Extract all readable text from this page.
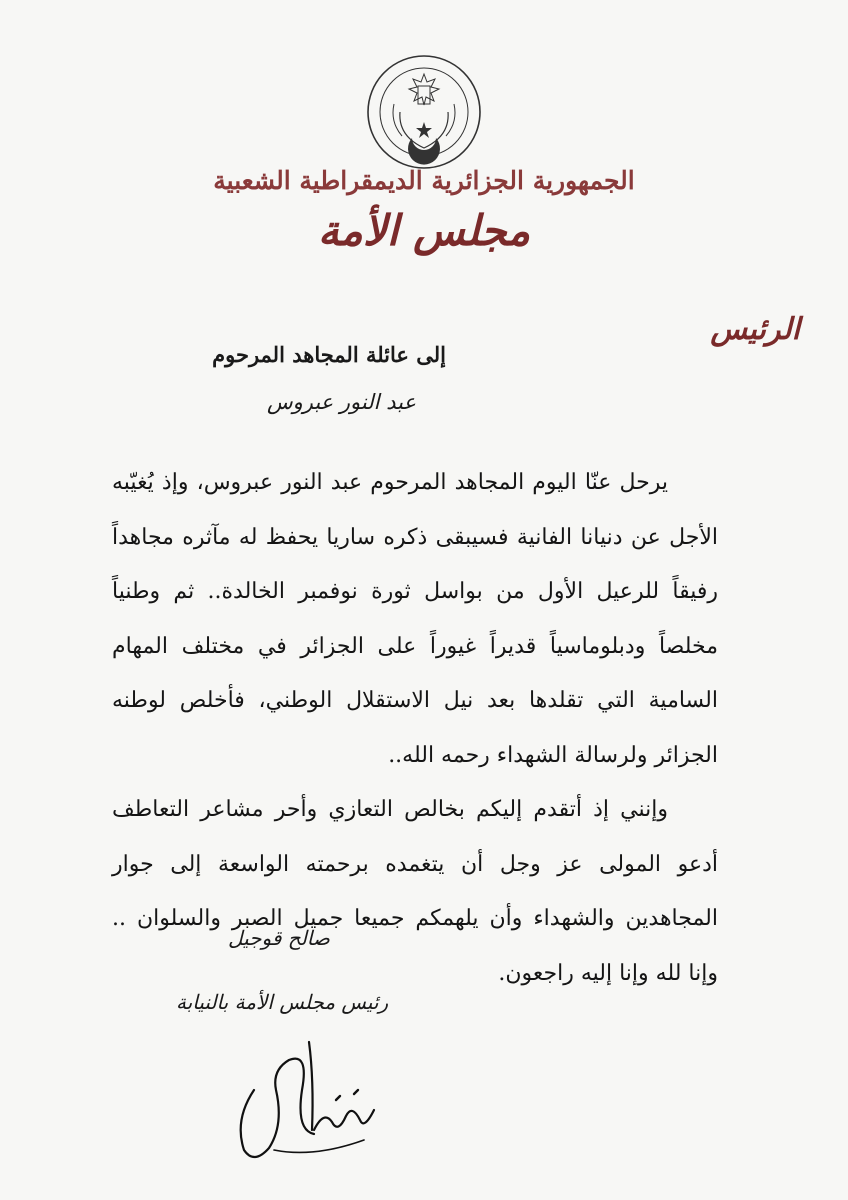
الجمهورية الجزائرية الديمقراطية الشعبية
مجلس الأمة
الرئيس
إلى عائلة المجاهد المرحوم
عبد النور عبروس

يرحل عنّا اليوم المجاهد المرحوم عبد النور عبروس، وإذ يُغيّبه الأجل عن دنيانا الفانية فسيبقى ذكره ساريا يحفظ له مآثره مجاهداً رفيقاً للرعيل الأول من بواسل ثورة نوفمبر الخالدة.. ثم وطنياً مخلصاً ودبلوماسياً قديراً غيوراً على الجزائر في مختلف المهام السامية التي تقلدها بعد نيل الاستقلال الوطني، فأخلص لوطنه الجزائر ولرسالة الشهداء رحمه الله..

وإنني إذ أتقدم إليكم بخالص التعازي وأحر مشاعر التعاطف أدعو المولى عز وجل أن يتغمده برحمته الواسعة إلى جوار المجاهدين والشهداء وأن يلهمكم جميعا جميل الصبر والسلوان .. وإنا لله وإنا إليه راجعون.

صالح قوجيل
رئيس مجلس الأمة بالنيابة
